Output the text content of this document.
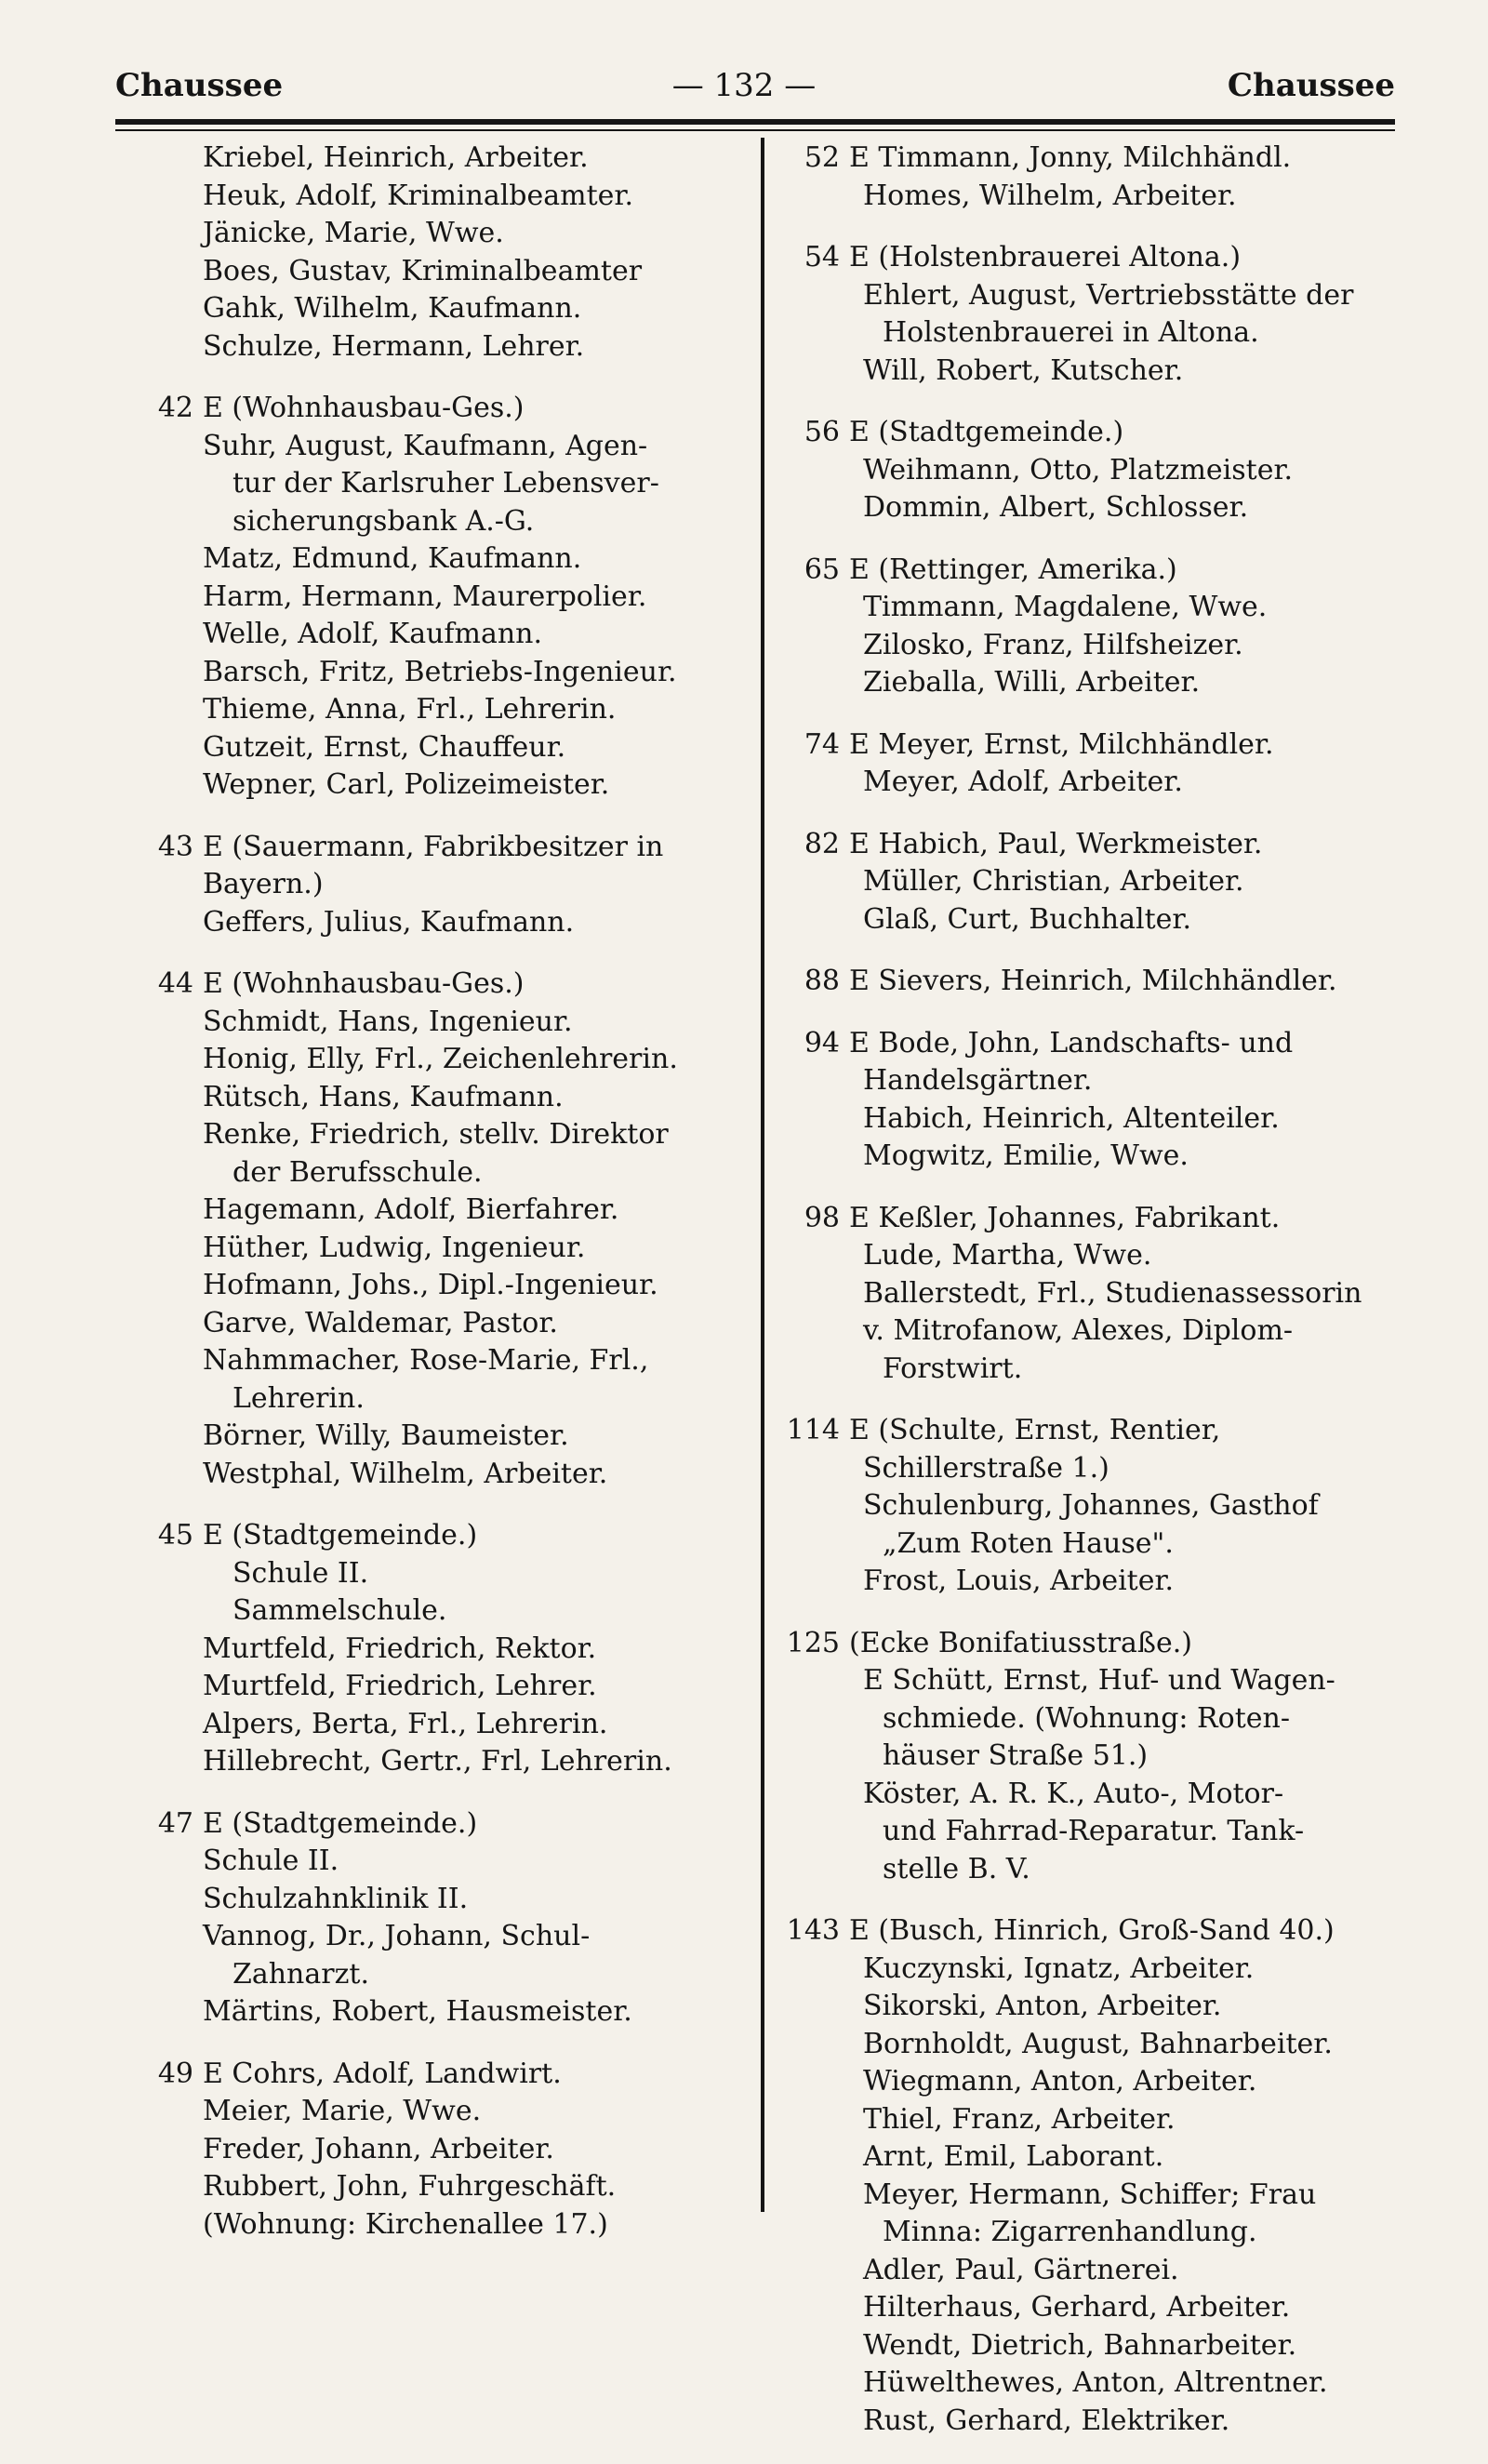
Chaussee	— 132 —	Chaussee
Kriebel, Heinrich, Arbeiter.
Heuk, Adolf, Kriminalbeamter.
Jänicke, Marie, Wwe.
Boes, Gustav, Kriminalbeamter
Gahk, Wilhelm, Kaufmann.
Schulze, Hermann, Lehrer.
42 E (Wohnhausbau-Ges.)
Suhr, August, Kaufmann, Agen-
tur der Karlsruher Lebensver-
sicherungsbank A.-G.
Matz, Edmund, Kaufmann.
Harm, Hermann, Maurerpolier.
Welle, Adolf, Kaufmann.
Barsch, Fritz, Betriebs-Ingenieur.
Thieme, Anna, Frl., Lehrerin.
Gutzeit, Ernst, Chauffeur.
Wepner, Carl, Polizeimeister.
43 E (Sauermann, Fabrikbesitzer in
Bayern.)
Geffers, Julius, Kaufmann.
44 E (Wohnhausbau-Ges.)
Schmidt, Hans, Ingenieur.
Honig, Elly, Frl., Zeichenlehrerin.
Rütsch, Hans, Kaufmann.
Renke, Friedrich, stellv. Direktor
der Berufsschule.
Hagemann, Adolf, Bierfahrer.
Hüther, Ludwig, Ingenieur.
Hofmann, Johs., Dipl.-Ingenieur.
Garve, Waldemar, Pastor.
Nahmmacher, Rose-Marie, Frl.,
Lehrerin.
Börner, Willy, Baumeister.
Westphal, Wilhelm, Arbeiter.
45 E (Stadtgemeinde.)
Schule II.
Sammelschule.
Murtfeld, Friedrich, Rektor.
Murtfeld, Friedrich, Lehrer.
Alpers, Berta, Frl., Lehrerin.
Hillebrecht, Gertr., Frl, Lehrerin.
47 E (Stadtgemeinde.)
Schule II.
Schulzahnklinik II.
Vannog, Dr., Johann, Schul-
Zahnarzt.
Märtins, Robert, Hausmeister.
49 E Cohrs, Adolf, Landwirt.
Meier, Marie, Wwe.
Freder, Johann, Arbeiter.
Rubbert, John, Fuhrgeschäft.
(Wohnung: Kirchenallee 17.)
52 E Timmann, Jonny, Milchhändl.
Homes, Wilhelm, Arbeiter.
54 E (Holstenbrauerei Altona.)
Ehlert, August, Vertriebsstätte der
Holstenbrauerei in Altona.
Will, Robert, Kutscher.
56 E (Stadtgemeinde.)
Weihmann, Otto, Platzmeister.
Dommin, Albert, Schlosser.
65 E (Rettinger, Amerika.)
Timmann, Magdalene, Wwe.
Zilosko, Franz, Hilfsheizer.
Zieballa, Willi, Arbeiter.
74 E Meyer, Ernst, Milchhändler.
Meyer, Adolf, Arbeiter.
82 E Habich, Paul, Werkmeister.
Müller, Christian, Arbeiter.
Glaß, Curt, Buchhalter.
88 E Sievers, Heinrich, Milchhändler.
94 E Bode, John, Landschafts- und
Handelsgärtner.
Habich, Heinrich, Altenteiler.
Mogwitz, Emilie, Wwe.
98 E Keßler, Johannes, Fabrikant.
Lude, Martha, Wwe.
Ballerstedt, Frl., Studienassessorin
v. Mitrofanow, Alexes, Diplom-
Forstwirt.
114 E (Schulte, Ernst, Rentier,
Schillerstraße 1.)
Schulenburg, Johannes, Gasthof
„Zum Roten Hause".
Frost, Louis, Arbeiter.
125 (Ecke Bonifatiusstraße.)
E Schütt, Ernst, Huf- und Wagen-
schmiede. (Wohnung: Roten-
häuser Straße 51.)
Köster, A. R. K., Auto-, Motor-
und Fahrrad-Reparatur. Tank-
stelle B. V.
143 E (Busch, Hinrich, Groß-Sand 40.)
Kuczynski, Ignatz, Arbeiter.
Sikorski, Anton, Arbeiter.
Bornholdt, August, Bahnarbeiter.
Wiegmann, Anton, Arbeiter.
Thiel, Franz, Arbeiter.
Arnt, Emil, Laborant.
Meyer, Hermann, Schiffer; Frau
Minna: Zigarrenhandlung.
Adler, Paul, Gärtnerei.
Hilterhaus, Gerhard, Arbeiter.
Wendt, Dietrich, Bahnarbeiter.
Hüwelthewes, Anton, Altrentner.
Rust, Gerhard, Elektriker.
